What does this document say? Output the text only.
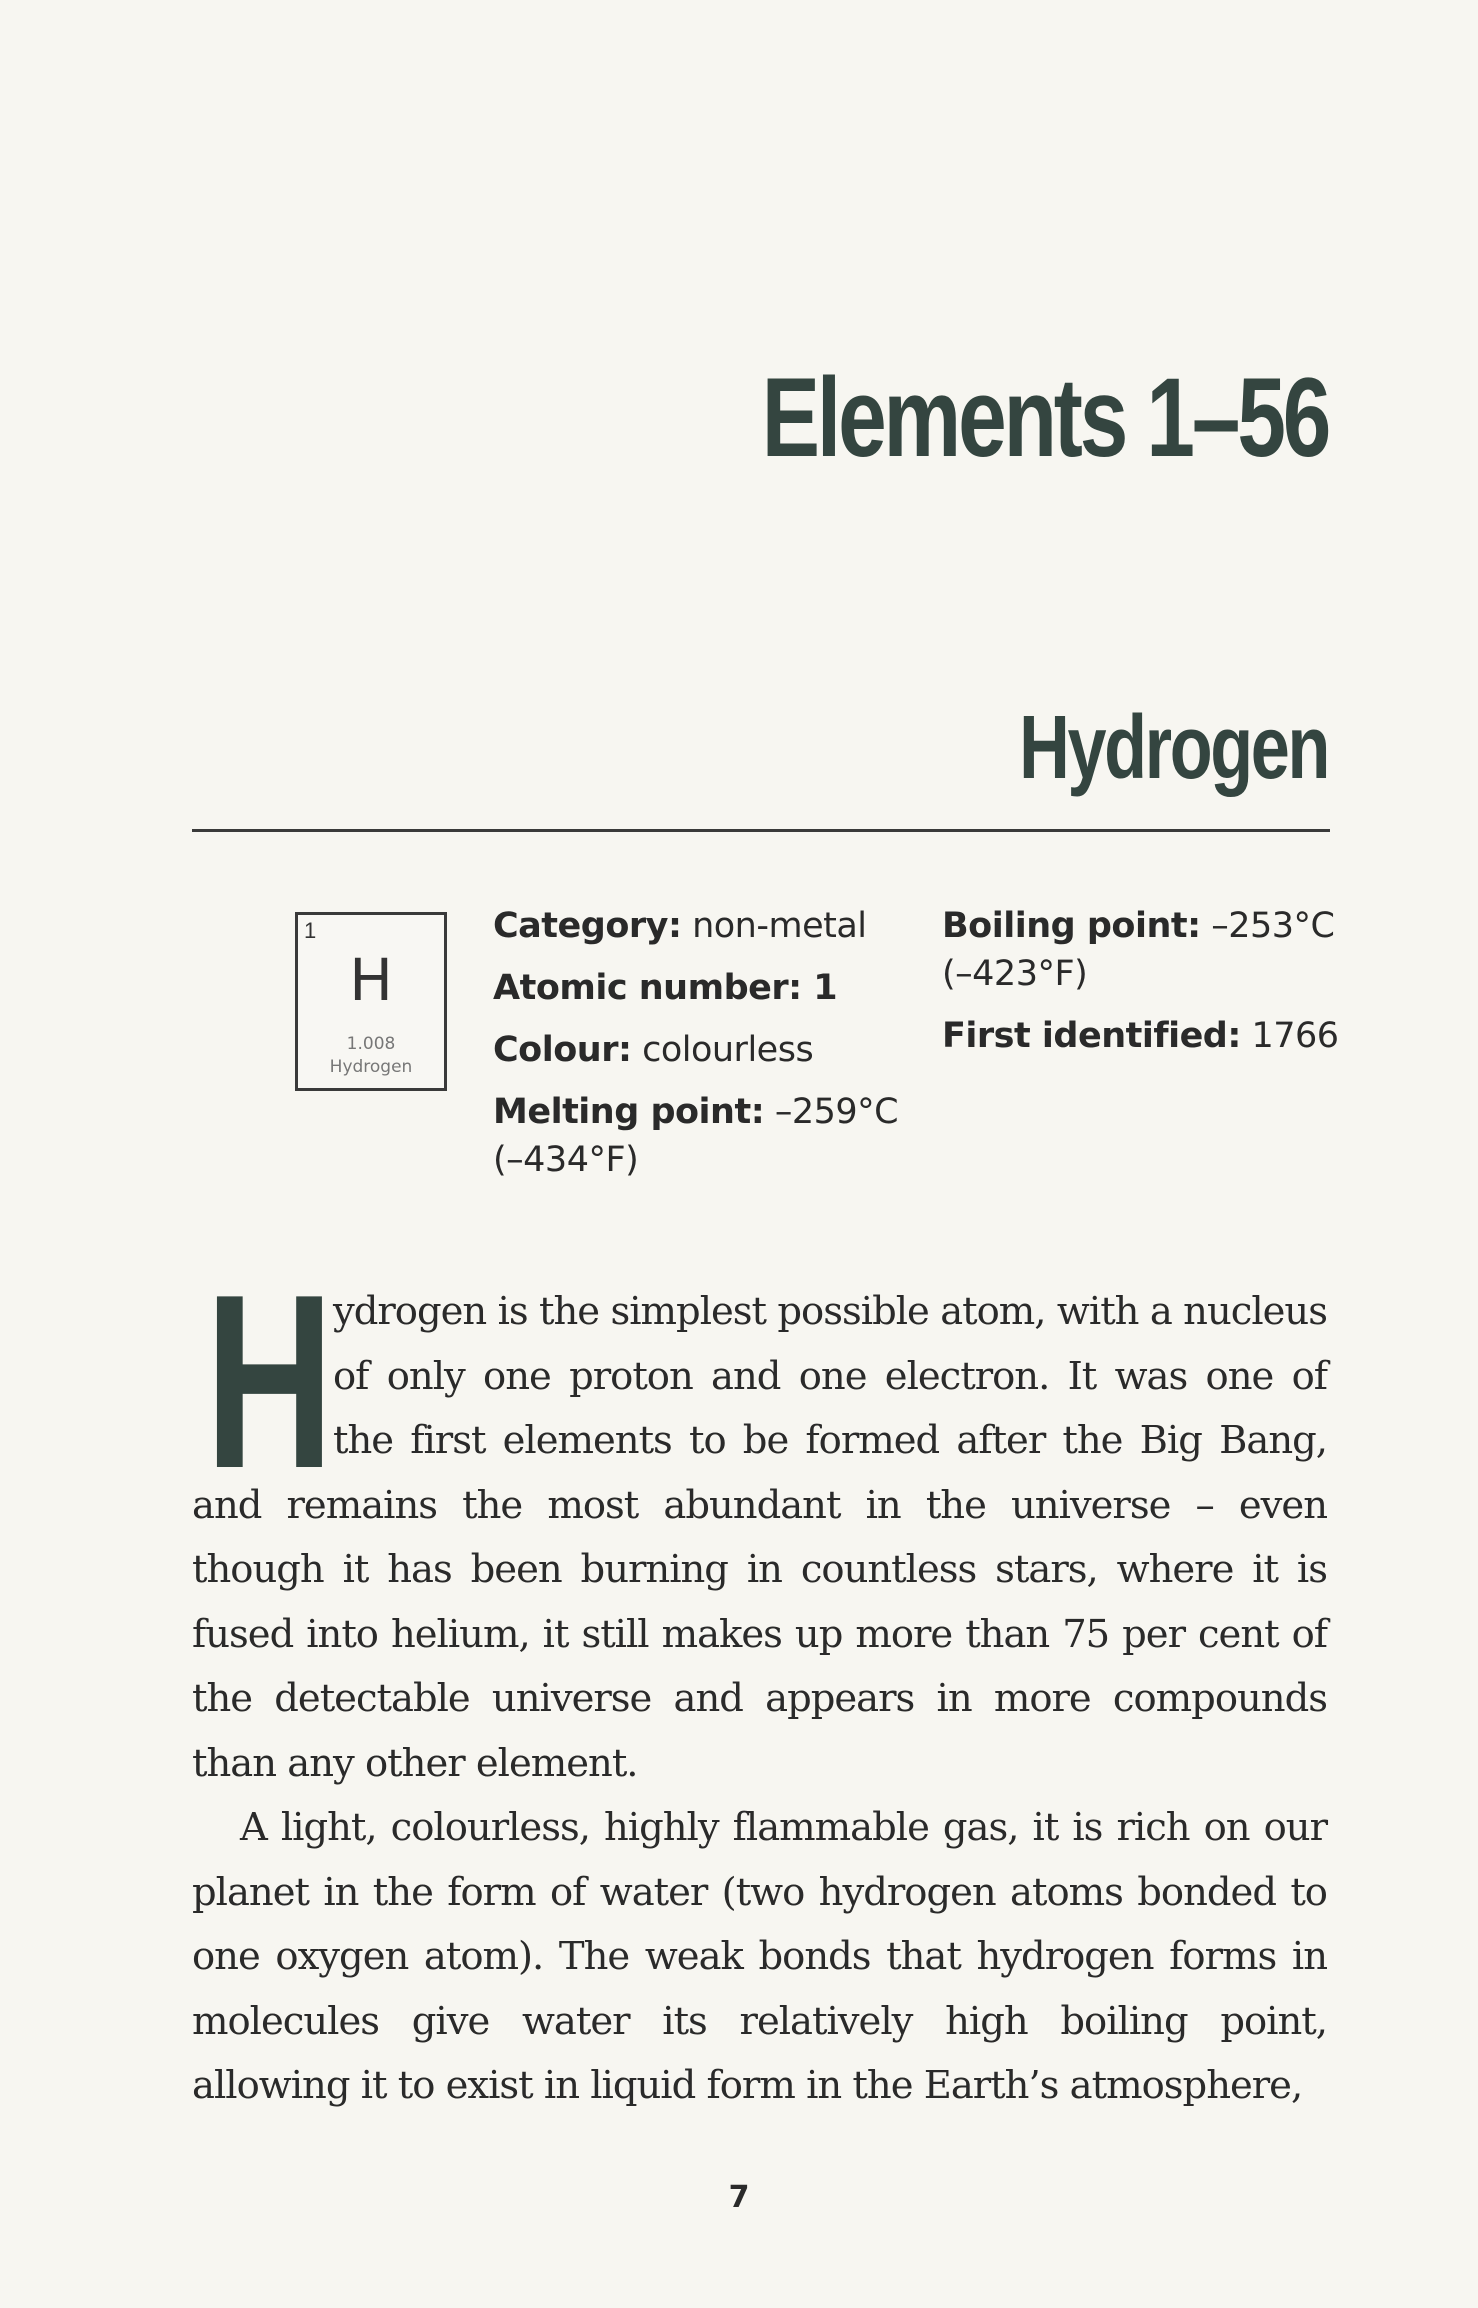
Elements 1–56
Hydrogen
1
H
1.008
Hydrogen

Category: non-metal

Atomic number: 1

Colour: colourless

Melting point: –259°C (–434°F)

Boiling point: –253°C (–423°F)

First identified: 1766

Hydrogen is the simplest possible atom, with a nucleus of only one proton and one electron. It was one of the first elements to be formed after the Big Bang, and remains the most abundant in the universe – even though it has been burning in countless stars, where it is fused into helium, it still makes up more than 75 per cent of the detectable universe and appears in more compounds than any other element.

A light, colourless, highly flammable gas, it is rich on our planet in the form of water (two hydrogen atoms bonded to one oxygen atom). The weak bonds that hydrogen forms in molecules give water its relatively high boiling point, allowing it to exist in liquid form in the Earth’s atmosphere,

7
